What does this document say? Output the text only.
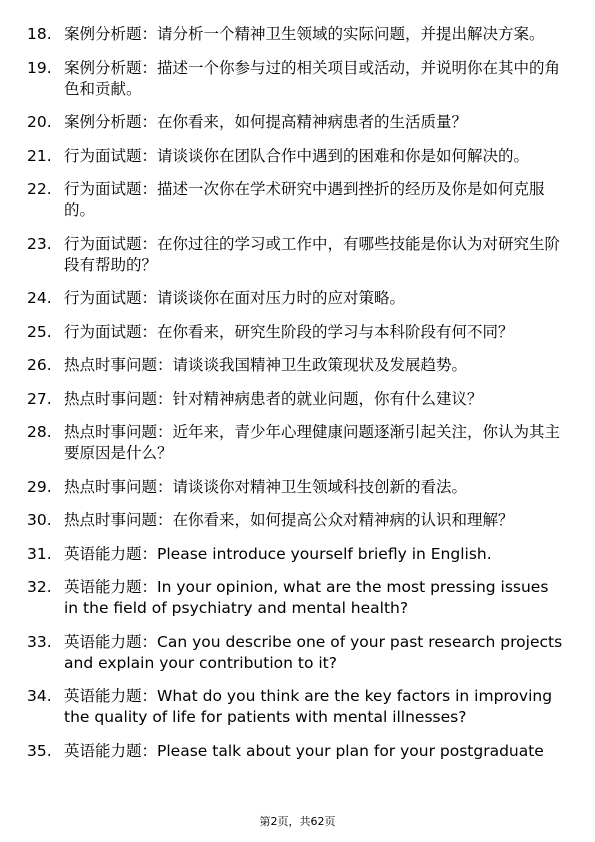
18. 案例分析题：请分析一个精神卫生领域的实际问题，并提出解决方案。
19. 案例分析题：描述一个你参与过的相关项目或活动，并说明你在其中的角色和贡献。
20. 案例分析题：在你看来，如何提高精神病患者的生活质量？
21. 行为面试题：请谈谈你在团队合作中遇到的困难和你是如何解决的。
22. 行为面试题：描述一次你在学术研究中遇到挫折的经历及你是如何克服的。
23. 行为面试题：在你过往的学习或工作中，有哪些技能是你认为对研究生阶段有帮助的？
24. 行为面试题：请谈谈你在面对压力时的应对策略。
25. 行为面试题：在你看来，研究生阶段的学习与本科阶段有何不同？
26. 热点时事问题：请谈谈我国精神卫生政策现状及发展趋势。
27. 热点时事问题：针对精神病患者的就业问题，你有什么建议？
28. 热点时事问题：近年来，青少年心理健康问题逐渐引起关注，你认为其主要原因是什么？
29. 热点时事问题：请谈谈你对精神卫生领域科技创新的看法。
30. 热点时事问题：在你看来，如何提高公众对精神病的认识和理解？
31. 英语能力题：Please introduce yourself briefly in English.
32. 英语能力题：In your opinion, what are the most pressing issues in the field of psychiatry and mental health?
33. 英语能力题：Can you describe one of your past research projects and explain your contribution to it?
34. 英语能力题：What do you think are the key factors in improving the quality of life for patients with mental illnesses?
35. 英语能力题：Please talk about your plan for your postgraduate
第2页，共62页
